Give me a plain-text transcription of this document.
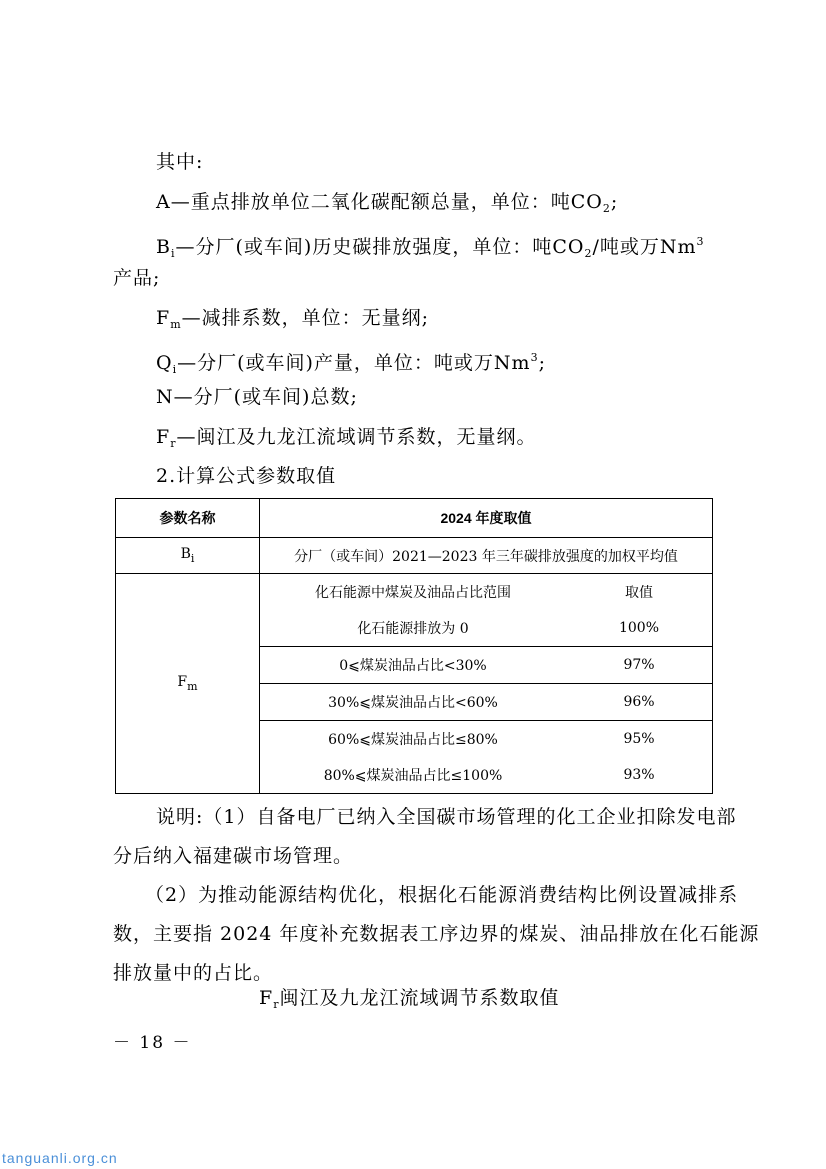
其中:
A—重点排放单位二氧化碳配额总量，单位：吨$CO_2$;
$B_i—$分厂(或车间)历史碳排放强度，单位：吨$CO_2/$吨或万Nm$^3$
产品;
$F_m—$减排系数，单位：无量纲;
$Q_i—$分厂(或车间)产量，单位：吨或万Nm$^3$;
N—分厂(或车间)总数;
$F_r—$闽江及九龙江流域调节系数，无量纲。
2.计算公式参数取值
参数名称	2024 年度取值	
$B_i$	分厂（或车间）2021—2023 年三年碳排放强度的加权平均值	
$F_m$	化石能源中煤炭及油品占比范围	取值
	化石能源排放为 0	100%
	0⩽煤炭油品占比<30%	97%
	30%⩽煤炭油品占比<60%	96%
	60%⩽煤炭油品占比≤80%	95%
	80%⩽煤炭油品占比≤100%	93%
说明:（1）自备电厂已纳入全国碳市场管理的化工企业扣除发电部
分后纳入福建碳市场管理。
（2）为推动能源结构优化，根据化石能源消费结构比例设置减排系
数，主要指 2024 年度补充数据表工序边界的煤炭、油品排放在化石能源
排放量中的占比。
$F_r$闽江及九龙江流域调节系数取值
－ 18 －
tanguanli.org.cn
